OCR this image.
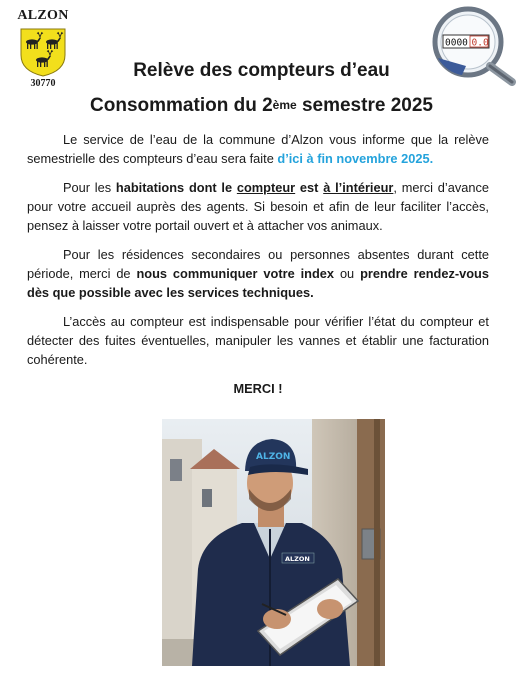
ALZON
30770
0000 0.0
Relève des compteurs d’eau
Consommation du 2ème semestre 2025

Le service de l’eau de la commune d’Alzon vous informe que la relève semestrielle des compteurs d’eau sera faite d’ici à fin novembre 2025.

Pour les habitations dont le compteur est à l’intérieur, merci d’avance pour votre accueil auprès des agents. Si besoin et afin de leur faciliter l’accès, pensez à laisser votre portail ouvert et à attacher vos animaux.

Pour les résidences secondaires ou personnes absentes durant cette période, merci de nous communiquer votre index ou prendre rendez-vous dès que possible avec les services techniques.

L’accès au compteur est indispensable pour vérifier l’état du compteur et détecter des fuites éventuelles, manipuler les vannes et établir une facturation cohérente.

MERCI !

ALZON
ALZON
